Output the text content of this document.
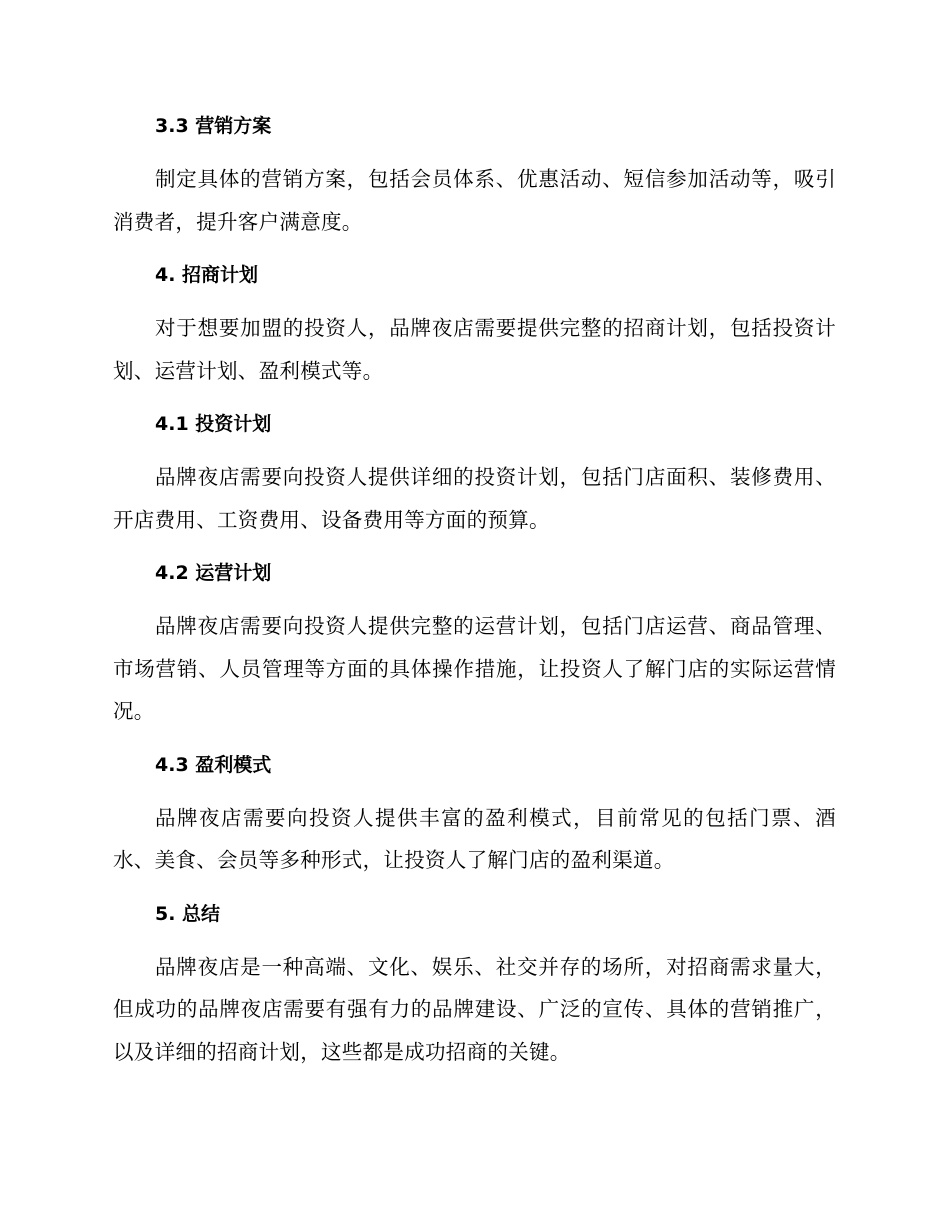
3.3 营销方案

制定具体的营销方案，包括会员体系、优惠活动、短信参加活动等，吸引消费者，提升客户满意度。

4. 招商计划

对于想要加盟的投资人，品牌夜店需要提供完整的招商计划，包括投资计划、运营计划、盈利模式等。

4.1 投资计划

品牌夜店需要向投资人提供详细的投资计划，包括门店面积、装修费用、开店费用、工资费用、设备费用等方面的预算。

4.2 运营计划

品牌夜店需要向投资人提供完整的运营计划，包括门店运营、商品管理、市场营销、人员管理等方面的具体操作措施，让投资人了解门店的实际运营情况。

4.3 盈利模式

品牌夜店需要向投资人提供丰富的盈利模式，目前常见的包括门票、酒水、美食、会员等多种形式，让投资人了解门店的盈利渠道。

5. 总结

品牌夜店是一种高端、文化、娱乐、社交并存的场所，对招商需求量大，但成功的品牌夜店需要有强有力的品牌建设、广泛的宣传、具体的营销推广，以及详细的招商计划，这些都是成功招商的关键。
